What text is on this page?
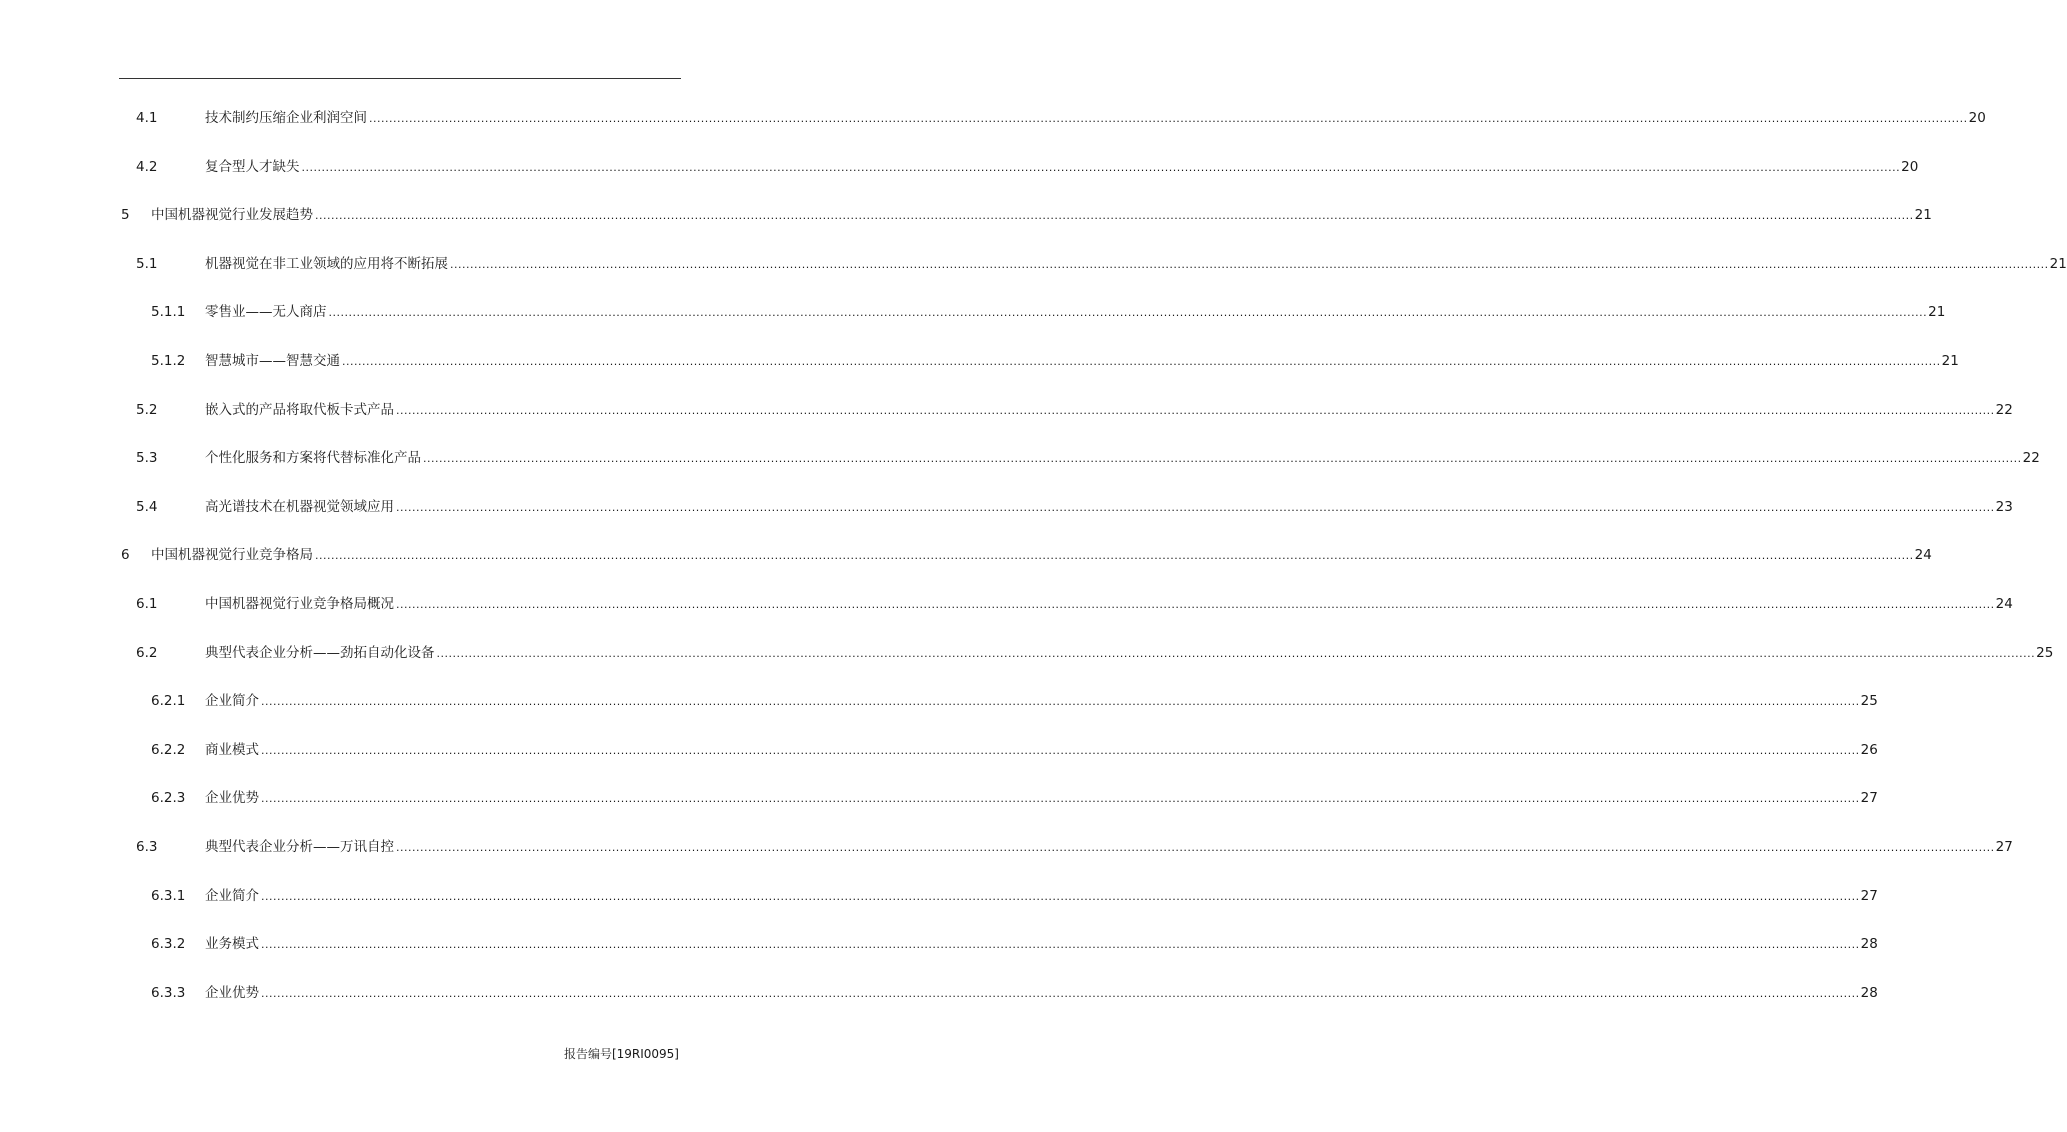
4.1	技术制约压缩企业利润空间 ................................................................................................................................................................................................................................................................................................................................................................................................................ 20
4.2	复合型人才缺失 ................................................................................................................................................................................................................................................................................................................................................................................................................ 20
5 中国机器视觉行业发展趋势 ................................................................................................................................................................................................................................................................................................................................................................................................................ 21
5.1	机器视觉在非工业领域的应用将不断拓展 ................................................................................................................................................................................................................................................................................................................................................................................................................ 21
5.1.1 零售业——无人商店 ................................................................................................................................................................................................................................................................................................................................................................................................................ 21
5.1.2 智慧城市——智慧交通 ................................................................................................................................................................................................................................................................................................................................................................................................................ 21
5.2	嵌入式的产品将取代板卡式产品 ................................................................................................................................................................................................................................................................................................................................................................................................................ 22
5.3	个性化服务和方案将代替标准化产品 ................................................................................................................................................................................................................................................................................................................................................................................................................ 22
5.4	高光谱技术在机器视觉领域应用 ................................................................................................................................................................................................................................................................................................................................................................................................................ 23
6 中国机器视觉行业竞争格局 ................................................................................................................................................................................................................................................................................................................................................................................................................ 24
6.1	中国机器视觉行业竞争格局概况 ................................................................................................................................................................................................................................................................................................................................................................................................................ 24
6.2	典型代表企业分析——劲拓自动化设备 ................................................................................................................................................................................................................................................................................................................................................................................................................ 25
6.2.1 企业简介 ................................................................................................................................................................................................................................................................................................................................................................................................................ 25
6.2.2 商业模式 ................................................................................................................................................................................................................................................................................................................................................................................................................ 26
6.2.3 企业优势 ................................................................................................................................................................................................................................................................................................................................................................................................................ 27
6.3	典型代表企业分析——万讯自控 ................................................................................................................................................................................................................................................................................................................................................................................................................ 27
6.3.1 企业简介 ................................................................................................................................................................................................................................................................................................................................................................................................................ 27
6.3.2 业务模式 ................................................................................................................................................................................................................................................................................................................................................................................................................ 28
6.3.3 企业优势 ................................................................................................................................................................................................................................................................................................................................................................................................................ 28
报告编号[19RI0095]
